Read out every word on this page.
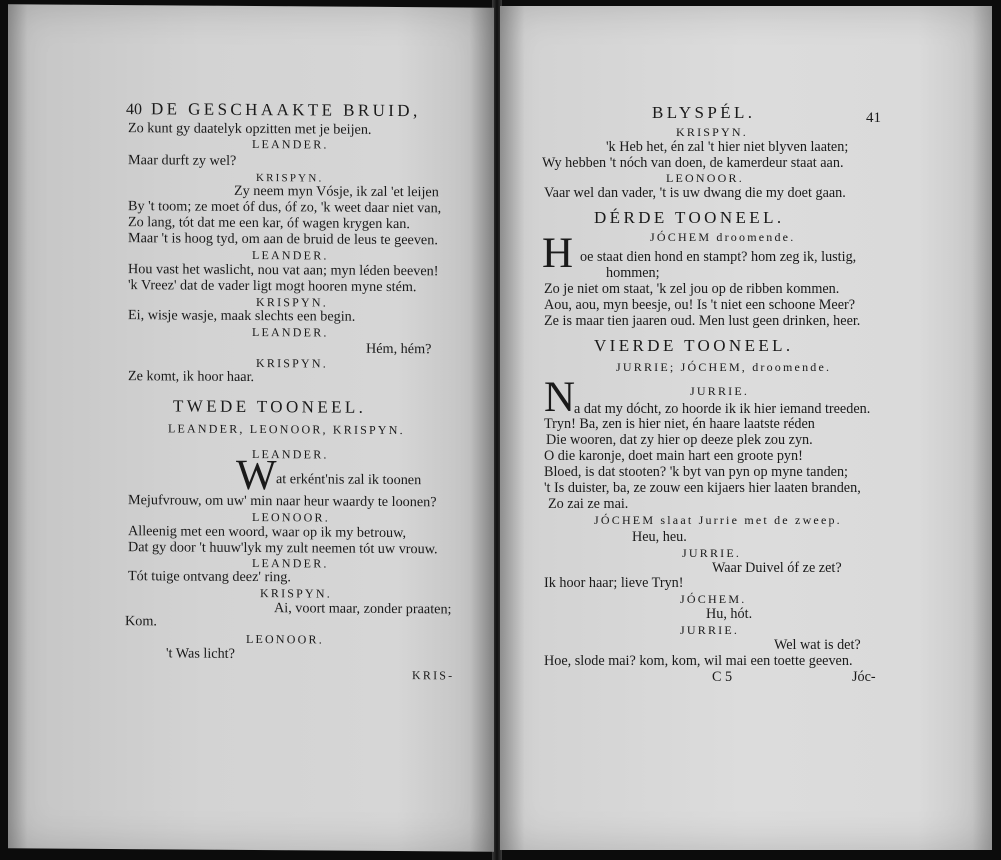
40 DE GESCHAAKTE BRUID,
Zo kunt gy daatelyk opzitten met je beijen.
LEANDER.
Maar durft zy wel?
KRISPYN.
Zy neem myn Vósje, ik zal 'et leijen
By 't toom; ze moet óf dus, óf zo, 'k weet daar niet van,
Zo lang, tót dat me een kar, óf wagen krygen kan.
Maar 't is hoog tyd, om aan de bruid de leus te geeven.
LEANDER.
Hou vast het waslicht, nou vat aan; myn léden beeven!
'k Vreez' dat de vader ligt mogt hooren myne stém.
KRISPYN.
Ei, wisje wasje, maak slechts een begin.
LEANDER.
Hém, hém?
KRISPYN.
Ze komt, ik hoor haar.
TWEDE TOONEEL.
LEANDER, LEONOOR, KRISPYN.
LEANDER.
W at erként'nis zal ik toonen
Mejufvrouw, om uw' min naar heur waardy te loonen?
LEONOOR.
Alleenig met een woord, waar op ik my betrouw,
Dat gy door 't huuw'lyk my zult neemen tót uw vrouw.
LEANDER.
Tót tuige ontvang deez' ring.
KRISPYN.
Ai, voort maar, zonder praaten;
Kom.
LEONOOR.
't Was licht?
KRIS-
BLYSPÉL.	41
KRISPYN.
'k Heb het, én zal 't hier niet blyven laaten;
Wy hebben 't nóch van doen, de kamerdeur staat aan.
LEONOOR.
Vaar wel dan vader, 't is uw dwang die my doet gaan.
DÉRDE TOONEEL.
JÓCHEM droomende.
H oe staat dien hond en stampt? hom zeg ik, lustig,
hommen;
Zo je niet om staat, 'k zel jou op de ribben kommen.
Aou, aou, myn beesje, ou! Is 't niet een schoone Meer?
Ze is maar tien jaaren oud. Men lust geen drinken, heer.
VIERDE TOONEEL.
JURRIE; JÓCHEM, droomende.
JURRIE.
N
a dat my dócht, zo hoorde ik ik hier iemand treeden.
Tryn! Ba, zen is hier niet, én haare laatste réden
Die wooren, dat zy hier op deeze plek zou zyn.
O die karonje, doet main hart een groote pyn!
Bloed, is dat stooten? 'k byt van pyn op myne tanden;
't Is duister, ba, ze zouw een kijaers hier laaten branden,
Zo zai ze mai.
JÓCHEM slaat Jurrie met de zweep.
Heu, heu.
JURRIE.
Waar Duivel óf ze zet?
Ik hoor haar; lieve Tryn!
JÓCHEM.
Hu, hót.
JURRIE.
Wel wat is det?
Hoe, slode mai? kom, kom, wil mai een toette geeven.
C 5	Jóc-
